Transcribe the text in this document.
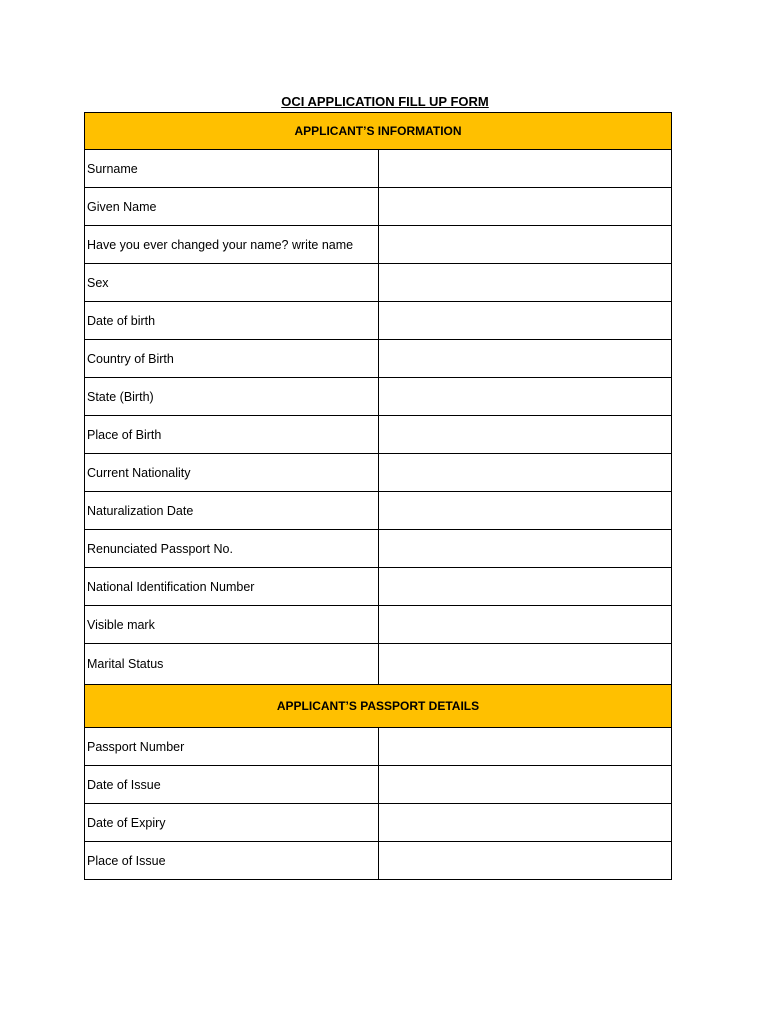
OCI APPLICATION FILL UP FORM
APPLICANT’S INFORMATION	
Surname	
Given Name	
Have you ever changed your name? write name	
Sex	
Date of birth	
Country of Birth	
State (Birth)	
Place of Birth	
Current Nationality	
Naturalization Date	
Renunciated Passport No.	
National Identification Number	
Visible mark	
Marital Status	
APPLICANT’S PASSPORT DETAILS	
Passport Number	
Date of Issue	
Date of Expiry	
Place of Issue	
